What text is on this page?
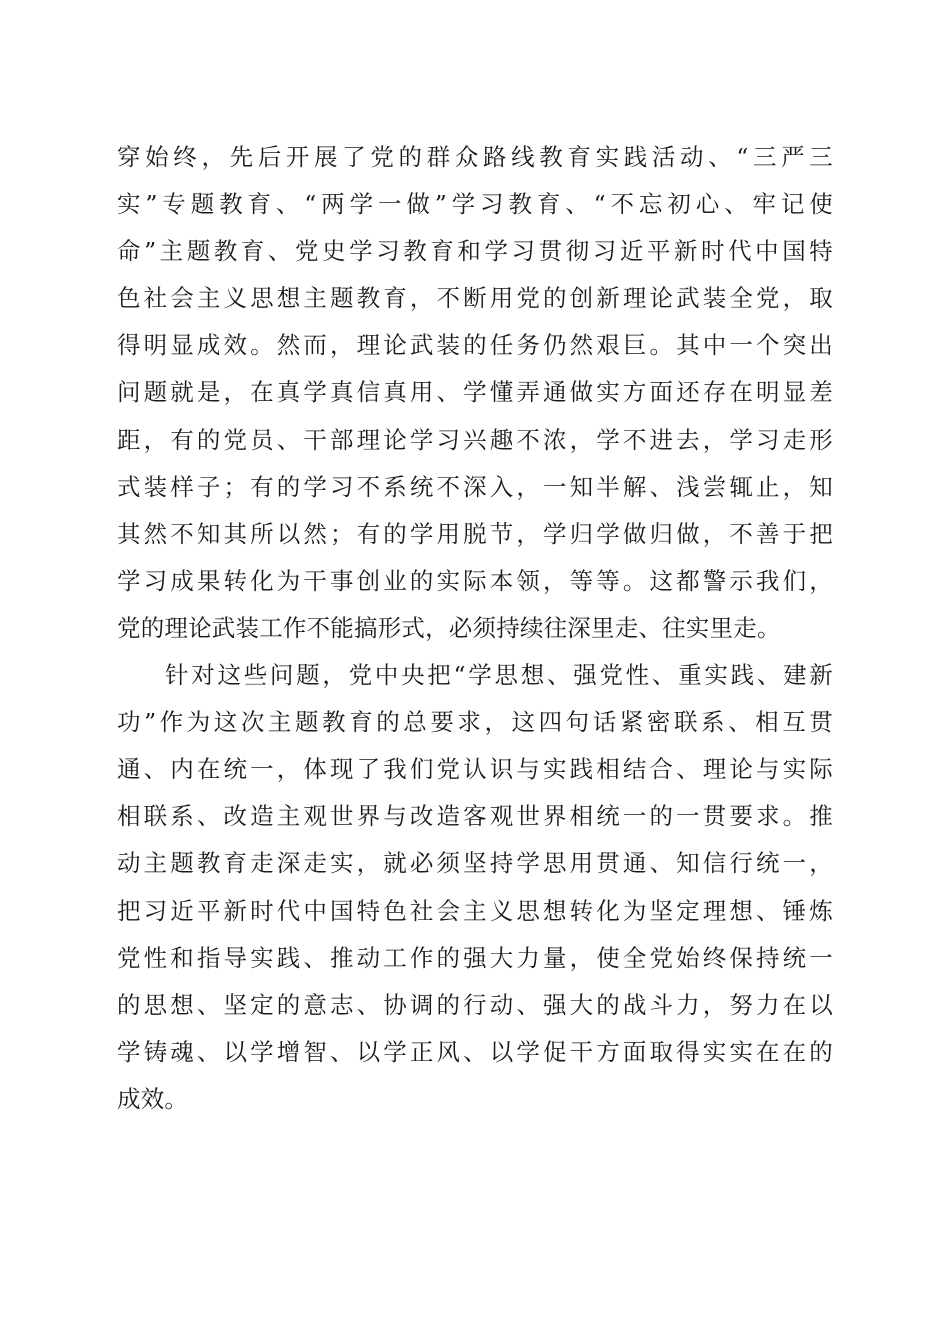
穿始终，先后开展了党的群众路线教育实践活动、“三严三
实”专题教育、“两学一做”学习教育、“不忘初心、牢记使
命”主题教育、党史学习教育和学习贯彻习近平新时代中国特
色社会主义思想主题教育，不断用党的创新理论武装全党，取
得明显成效。然而，理论武装的任务仍然艰巨。其中一个突出
问题就是，在真学真信真用、学懂弄通做实方面还存在明显差
距，有的党员、干部理论学习兴趣不浓，学不进去，学习走形
式装样子；有的学习不系统不深入，一知半解、浅尝辄止，知
其然不知其所以然；有的学用脱节，学归学做归做，不善于把
学习成果转化为干事创业的实际本领，等等。这都警示我们，
党的理论武装工作不能搞形式，必须持续往深里走、往实里走。
针对这些问题，党中央把“学思想、强党性、重实践、建新
功”作为这次主题教育的总要求，这四句话紧密联系、相互贯
通、内在统一，体现了我们党认识与实践相结合、理论与实际
相联系、改造主观世界与改造客观世界相统一的一贯要求。推
动主题教育走深走实，就必须坚持学思用贯通、知信行统一，
把习近平新时代中国特色社会主义思想转化为坚定理想、锤炼
党性和指导实践、推动工作的强大力量，使全党始终保持统一
的思想、坚定的意志、协调的行动、强大的战斗力，努力在以
学铸魂、以学增智、以学正风、以学促干方面取得实实在在的
成效。
